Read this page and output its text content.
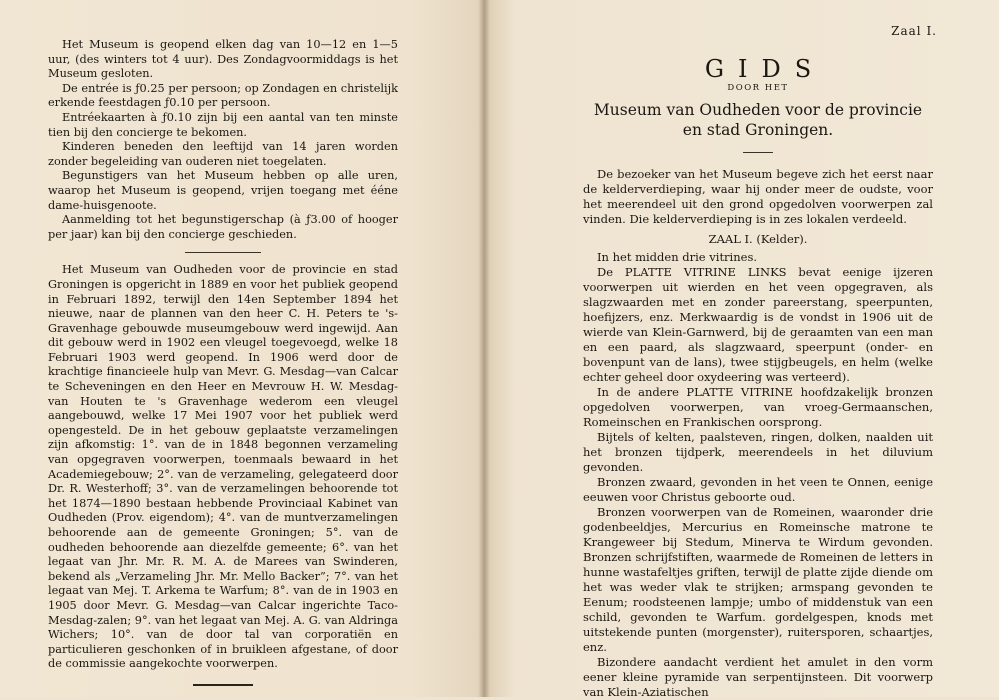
Het Museum is geopend elken dag van 10—12 en 1—5 uur, (des winters tot 4 uur). Des Zondagvoormiddags is het Museum gesloten.

De entrée is ƒ0.25 per persoon; op Zondagen en christelijk erkende feestdagen ƒ0.10 per persoon.

Entréekaarten à ƒ0.10 zijn bij een aantal van ten minste tien bij den concierge te bekomen.

Kinderen beneden den leeftijd van 14 jaren worden zonder begeleiding van ouderen niet toegelaten.

Begunstigers van het Museum hebben op alle uren, waarop het Museum is geopend, vrijen toegang met ééne dame-huisgenoote.

Aanmelding tot het begunstigerschap (à ƒ3.00 of hooger per jaar) kan bij den concierge geschieden.

Het Museum van Oudheden voor de provincie en stad Groningen is opgericht in 1889 en voor het publiek geopend in Februari 1892, terwijl den 14en September 1894 het nieuwe, naar de plannen van den heer C. H. Peters te 's-Gravenhage gebouwde museumgebouw werd ingewijd. Aan dit gebouw werd in 1902 een vleugel toegevoegd, welke 18 Februari 1903 werd geopend. In 1906 werd door de krachtige financieele hulp van Mevr. G. Mesdag—van Calcar te Scheveningen en den Heer en Mevrouw H. W. Mesdag-van Houten te 's Gravenhage wederom een vleugel aangebouwd, welke 17 Mei 1907 voor het publiek werd opengesteld. De in het gebouw geplaatste verzamelingen zijn afkomstig: 1°. van de in 1848 begonnen verzameling van opgegraven voorwerpen, toenmaals bewaard in het Academiegebouw; 2°. van de verzameling, gelegateerd door Dr. R. Westerhoff; 3°. van de verzamelingen behoorende tot het 1874—1890 bestaan hebbende Provinciaal Kabinet van Oudheden (Prov. eigendom); 4°. van de muntverzamelingen behoorende aan de gemeente Groningen; 5°. van de oudheden behoorende aan diezelfde gemeente; 6°. van het legaat van Jhr. Mr. R. M. A. de Marees van Swinderen, bekend als „Verzameling Jhr. Mr. Mello Backer”; 7°. van het legaat van Mej. T. Arkema te Warfum; 8°. van de in 1903 en 1905 door Mevr. G. Mesdag—van Calcar ingerichte Taco-Mesdag-zalen; 9°. van het legaat van Mej. A. G. van Aldringa Wichers; 10°. van de door tal van corporatiën en particulieren geschonken of in bruikleen afgestane, of door de commissie aangekochte voorwerpen.

Zaal I.
GIDS
DOOR HET
Museum van Oudheden voor de provincie
en stad Groningen.

De bezoeker van het Museum begeve zich het eerst naar de kelderverdieping, waar hij onder meer de oudste, voor het meerendeel uit den grond opgedolven voorwerpen zal vinden. Die kelderverdieping is in zes lokalen verdeeld.

ZAAL I. (Kelder).

In het midden drie vitrines.

De PLATTE VITRINE LINKS bevat eenige ijzeren voorwerpen uit wierden en het veen opgegraven, als slagzwaarden met en zonder pareerstang, speerpunten, hoefijzers, enz. Merkwaardig is de vondst in 1906 uit de wierde van Klein-Garnwerd, bij de geraamten van een man en een paard, als slagzwaard, speerpunt (onder- en bovenpunt van de lans), twee stijgbeugels, en helm (welke echter geheel door oxydeering was verteerd).

In de andere PLATTE VITRINE hoofdzakelijk bronzen opgedolven voorwerpen, van vroeg-Germaanschen, Romeinschen en Frankischen oorsprong.

Bijtels of kelten, paalsteven, ringen, dolken, naalden uit het bronzen tijdperk, meerendeels in het diluvium gevonden.

Bronzen zwaard, gevonden in het veen te Onnen, eenige eeuwen voor Christus geboorte oud.

Bronzen voorwerpen van de Romeinen, waaronder drie godenbeeldjes, Mercurius en Romeinsche matrone te Krangeweer bij Stedum, Minerva te Wirdum gevonden. Bronzen schrijfstiften, waarmede de Romeinen de letters in hunne wastafeltjes griften, terwijl de platte zijde diende om het was weder vlak te strijken; armspang gevonden te Eenum; roodsteenen lampje; umbo of middenstuk van een schild, gevonden te Warfum. gordelgespen, knods met uitstekende punten (morgenster), ruitersporen, schaartjes, enz.

Bizondere aandacht verdient het amulet in den vorm eener kleine pyramide van serpentijnsteen. Dit voorwerp van Klein-Aziatischen
